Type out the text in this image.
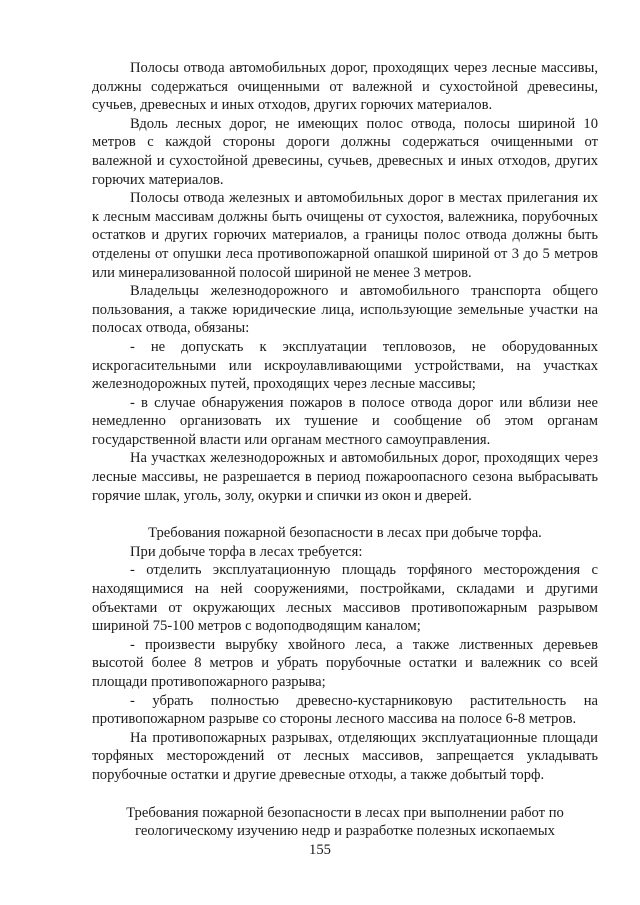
Полосы отвода автомобильных дорог, проходящих через лесные массивы, должны содержаться очищенными от валежной и сухостойной древесины, сучьев, древесных и иных отходов, других горючих материалов.

Вдоль лесных дорог, не имеющих полос отвода, полосы шириной 10 метров с каждой стороны дороги должны содержаться очищенными от валежной и сухостойной древесины, сучьев, древесных и иных отходов, других горючих материалов.

Полосы отвода железных и автомобильных дорог в местах прилегания их к лесным массивам должны быть очищены от сухостоя, валежника, порубочных остатков и других горючих материалов, а границы полос отвода должны быть отделены от опушки леса противопожарной опашкой шириной от 3 до 5 метров или минерализованной полосой шириной не менее 3 метров.

Владельцы железнодорожного и автомобильного транспорта общего пользования, а также юридические лица, использующие земельные участки на полосах отвода, обязаны:

- не допускать к эксплуатации тепловозов, не оборудованных искрогасительными или искроулавливающими устройствами, на участках железнодорожных путей, проходящих через лесные массивы;

- в случае обнаружения пожаров в полосе отвода дорог или вблизи нее немедленно организовать их тушение и сообщение об этом органам государственной власти или органам местного самоуправления.

На участках железнодорожных и автомобильных дорог, проходящих через лесные массивы, не разрешается в период пожароопасного сезона выбрасывать горячие шлак, уголь, золу, окурки и спички из окон и дверей.

Требования пожарной безопасности в лесах при добыче торфа.

При добыче торфа в лесах требуется:

- отделить эксплуатационную площадь торфяного месторождения с находящимися на ней сооружениями, постройками, складами и другими объектами от окружающих лесных массивов противопожарным разрывом шириной 75-100 метров с водоподводящим каналом;

- произвести вырубку хвойного леса, а также лиственных деревьев высотой более 8 метров и убрать порубочные остатки и валежник со всей площади противопожарного разрыва;

- убрать полностью древесно-кустарниковую растительность на противопожарном разрыве со стороны лесного массива на полосе 6-8 метров.

На противопожарных разрывах, отделяющих эксплуатационные площади торфяных месторождений от лесных массивов, запрещается укладывать порубочные остатки и другие древесные отходы, а также добытый торф.

Требования пожарной безопасности в лесах при выполнении работ по геологическому изучению недр и разработке полезных ископаемых

155
